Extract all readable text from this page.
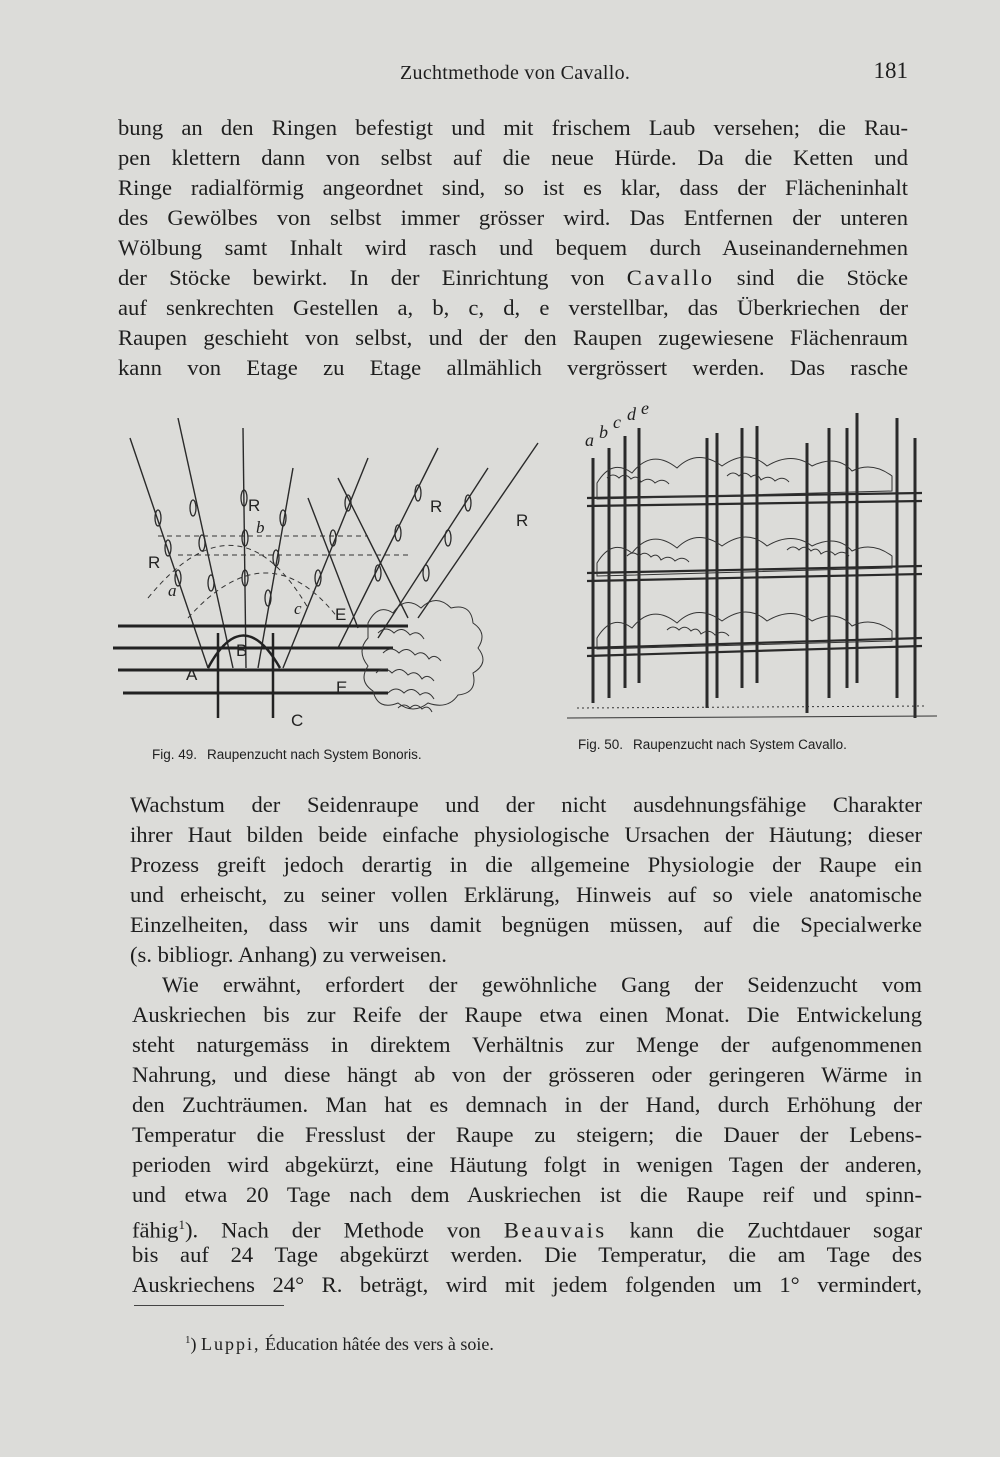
Zuchtmethode von Cavallo.	181
bung an den Ringen befestigt und mit frischem Laub versehen; die Rau-
pen klettern dann von selbst auf die neue Hürde. Da die Ketten und
Ringe radialförmig angeordnet sind, so ist es klar, dass der Flächeninhalt
des Gewölbes von selbst immer grösser wird. Das Entfernen der unteren
Wölbung samt Inhalt wird rasch und bequem durch Auseinandernehmen
der Stöcke bewirkt. In der Einrichtung von Cavallo sind die Stöcke
auf senkrechten Gestellen a, b, c, d, e verstellbar, das Überkriechen der
Raupen geschieht von selbst, und der den Raupen zugewiesene Flächenraum
kann von Etage zu Etage allmählich vergrössert werden. Das rasche
R
a
R
b
R
R
c E
E
A
B
C
Fig. 49. Raupenzucht nach System Bonoris.
a b c d e
Fig. 50. Raupenzucht nach System Cavallo.
Wachstum der Seidenraupe und der nicht ausdehnungsfähige Charakter
ihrer Haut bilden beide einfache physiologische Ursachen der Häutung; dieser
Prozess greift jedoch derartig in die allgemeine Physiologie der Raupe ein
und erheischt, zu seiner vollen Erklärung, Hinweis auf so viele anatomische
Einzelheiten, dass wir uns damit begnügen müssen, auf die Specialwerke
(s. bibliogr. Anhang) zu verweisen.
Wie erwähnt, erfordert der gewöhnliche Gang der Seidenzucht vom
Auskriechen bis zur Reife der Raupe etwa einen Monat. Die Entwickelung
steht naturgemäss in direktem Verhältnis zur Menge der aufgenommenen
Nahrung, und diese hängt ab von der grösseren oder geringeren Wärme in
den Zuchträumen. Man hat es demnach in der Hand, durch Erhöhung der
Temperatur die Fresslust der Raupe zu steigern; die Dauer der Lebens-
perioden wird abgekürzt, eine Häutung folgt in wenigen Tagen der anderen,
und etwa 20 Tage nach dem Auskriechen ist die Raupe reif und spinn-
fähig$^1$). Nach der Methode von Beauvais kann die Zuchtdauer sogar
bis auf 24 Tage abgekürzt werden. Die Temperatur, die am Tage des
Auskriechens 24° R. beträgt, wird mit jedem folgenden um 1° vermindert,
$^1$) Luppi, Éducation hâtée des vers à soie.
